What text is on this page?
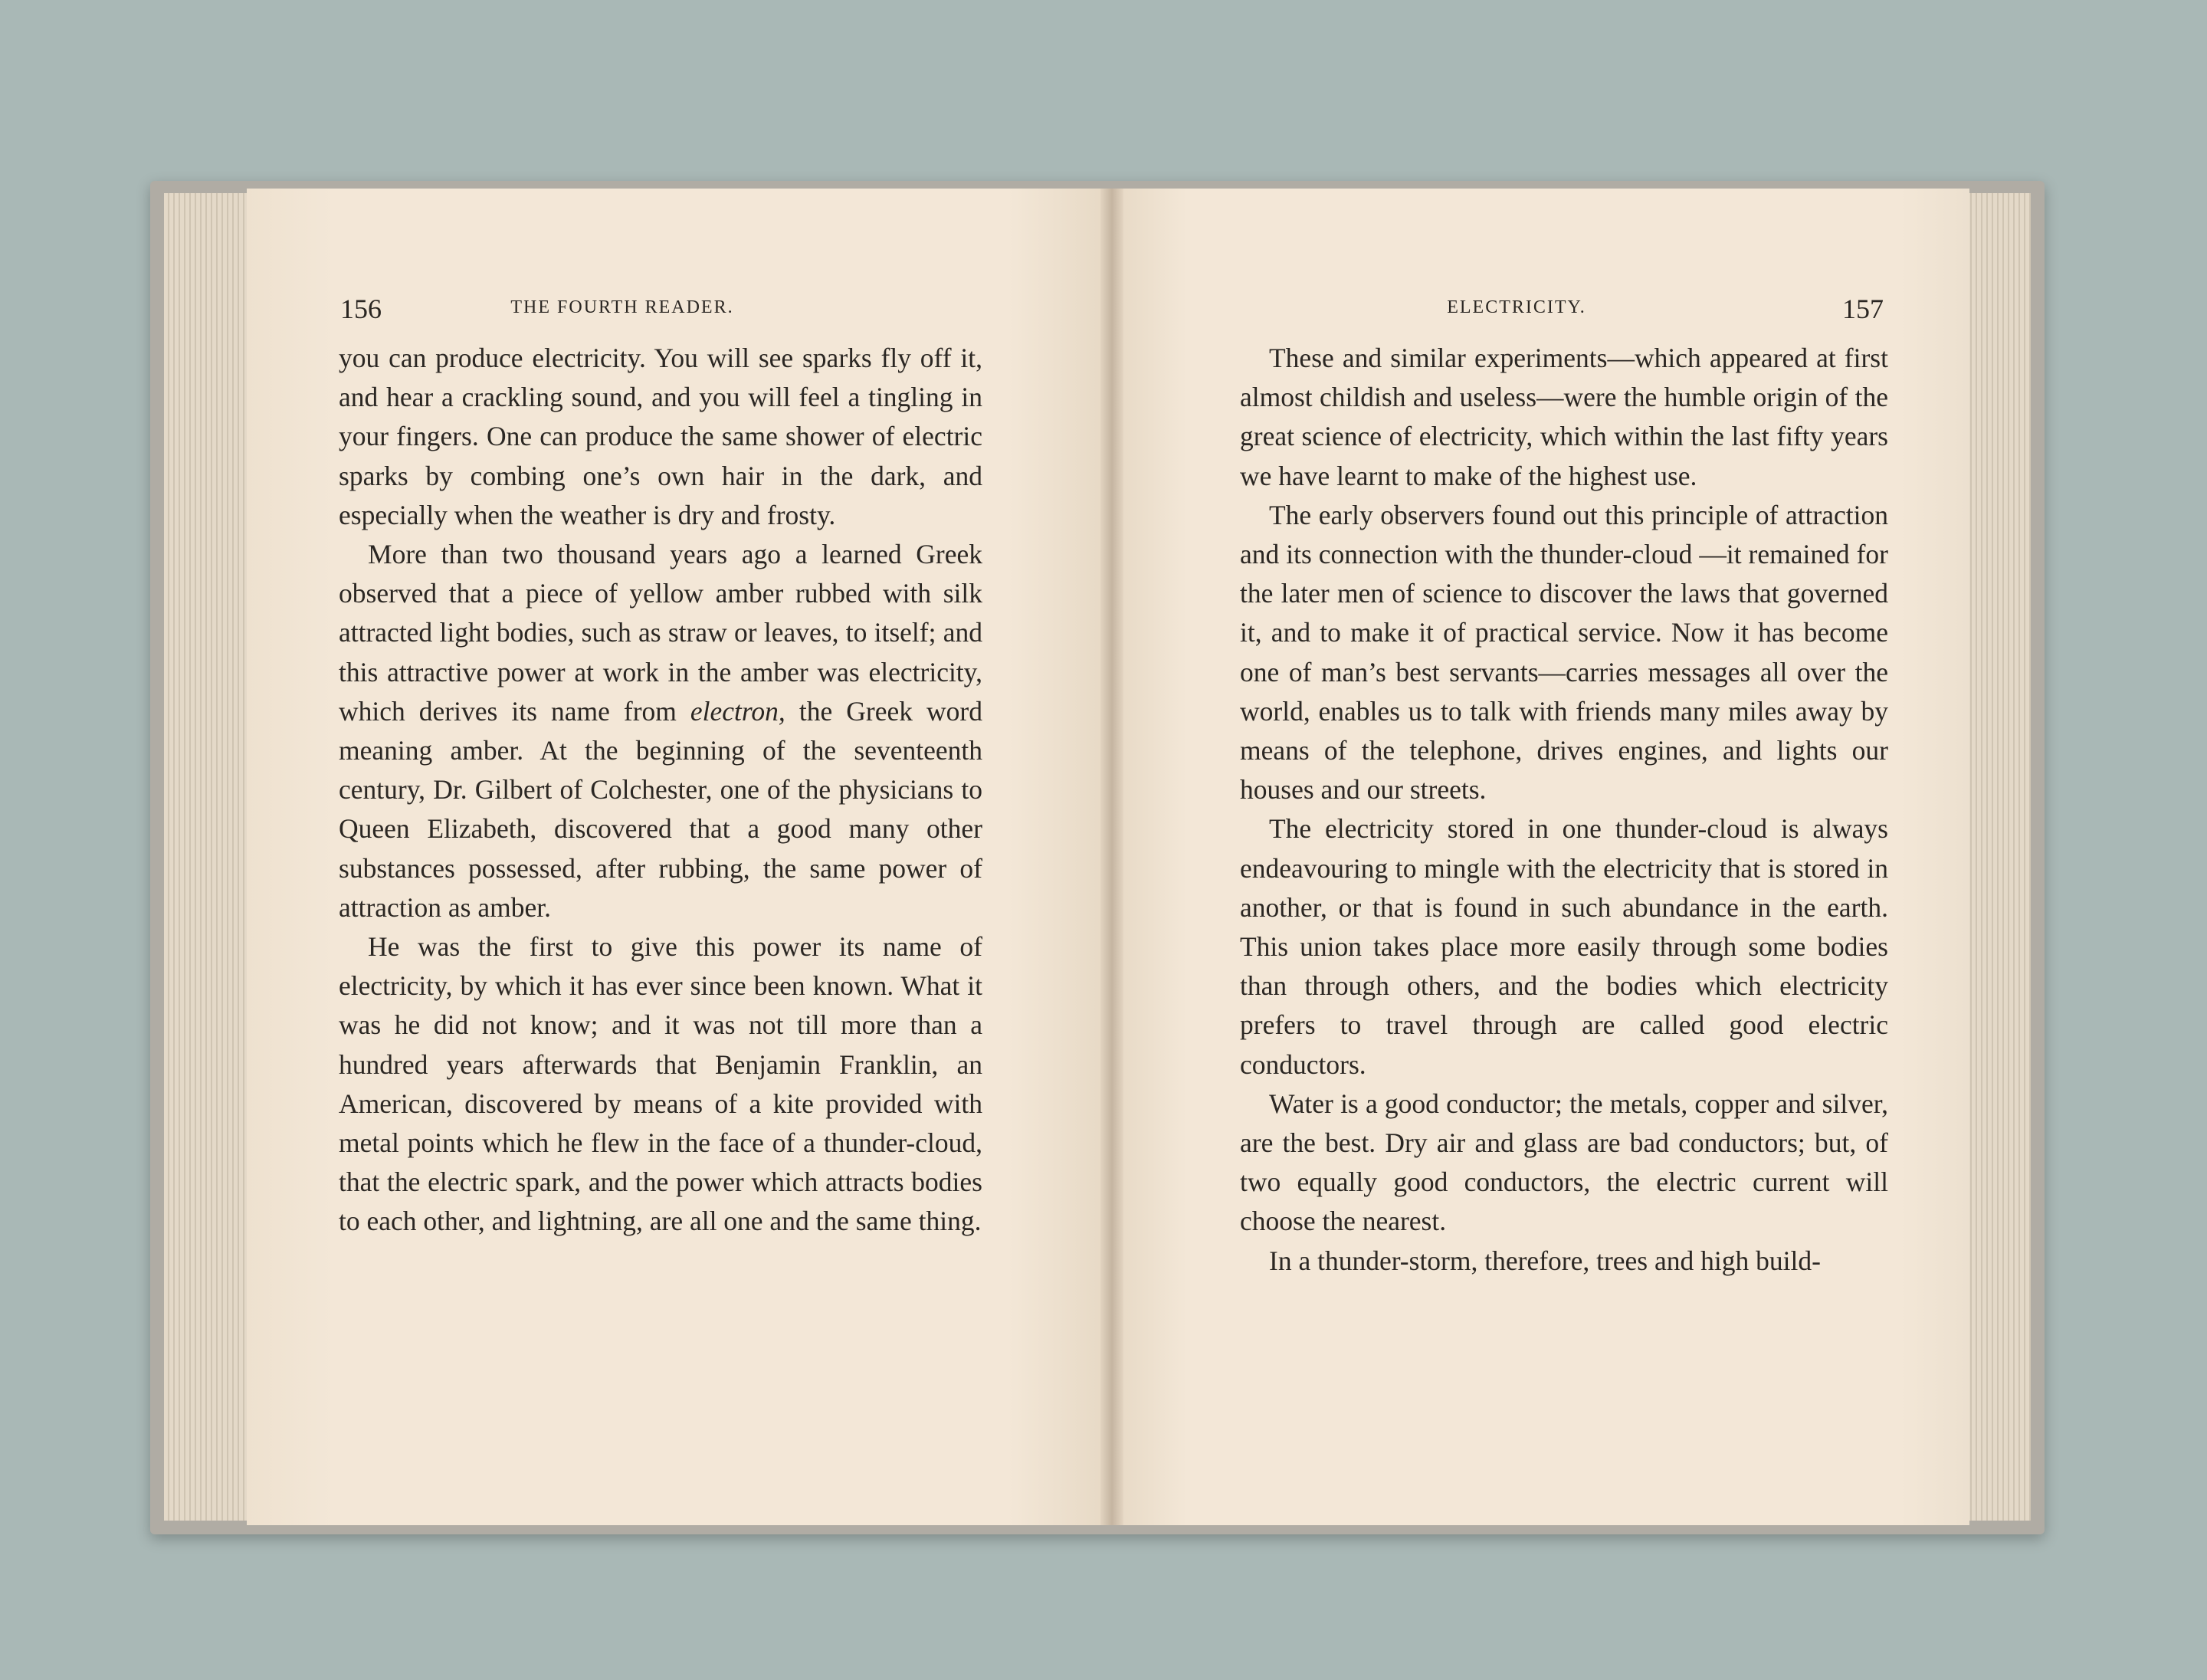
156	THE FOURTH READER.

you can produce electricity. You will see sparks fly off it, and hear a crackling sound, and you will feel a tingling in your fingers. One can produce the same shower of electric sparks by combing one’s own hair in the dark, and especially when the weather is dry and frosty.

More than two thousand years ago a learned Greek observed that a piece of yellow amber rubbed with silk attracted light bodies, such as straw or leaves, to itself; and this attractive power at work in the amber was electricity, which derives its name from electron, the Greek word meaning amber. At the beginning of the seventeenth century, Dr. Gilbert of Colchester, one of the physicians to Queen Elizabeth, discovered that a good many other substances possessed, after rubbing, the same power of attraction as amber.

He was the first to give this power its name of electricity, by which it has ever since been known. What it was he did not know; and it was not till more than a hundred years afterwards that Benjamin Franklin, an American, discovered by means of a kite provided with metal points which he flew in the face of a thunder-cloud, that the electric spark, and the power which attracts bodies to each other, and lightning, are all one and the same thing.

ELECTRICITY.	157

These and similar experiments—which appeared at first almost childish and useless—were the humble origin of the great science of electricity, which within the last fifty years we have learnt to make of the highest use.

The early observers found out this principle of attraction and its connection with the thunder-cloud —it remained for the later men of science to discover the laws that governed it, and to make it of practical service. Now it has become one of man’s best servants—carries messages all over the world, enables us to talk with friends many miles away by means of the telephone, drives engines, and lights our houses and our streets.

The electricity stored in one thunder-cloud is always endeavouring to mingle with the electricity that is stored in another, or that is found in such abundance in the earth. This union takes place more easily through some bodies than through others, and the bodies which electricity prefers to travel through are called good electric conductors.

Water is a good conductor; the metals, copper and silver, are the best. Dry air and glass are bad conductors; but, of two equally good conductors, the electric current will choose the nearest.

In a thunder-storm, therefore, trees and high build-
